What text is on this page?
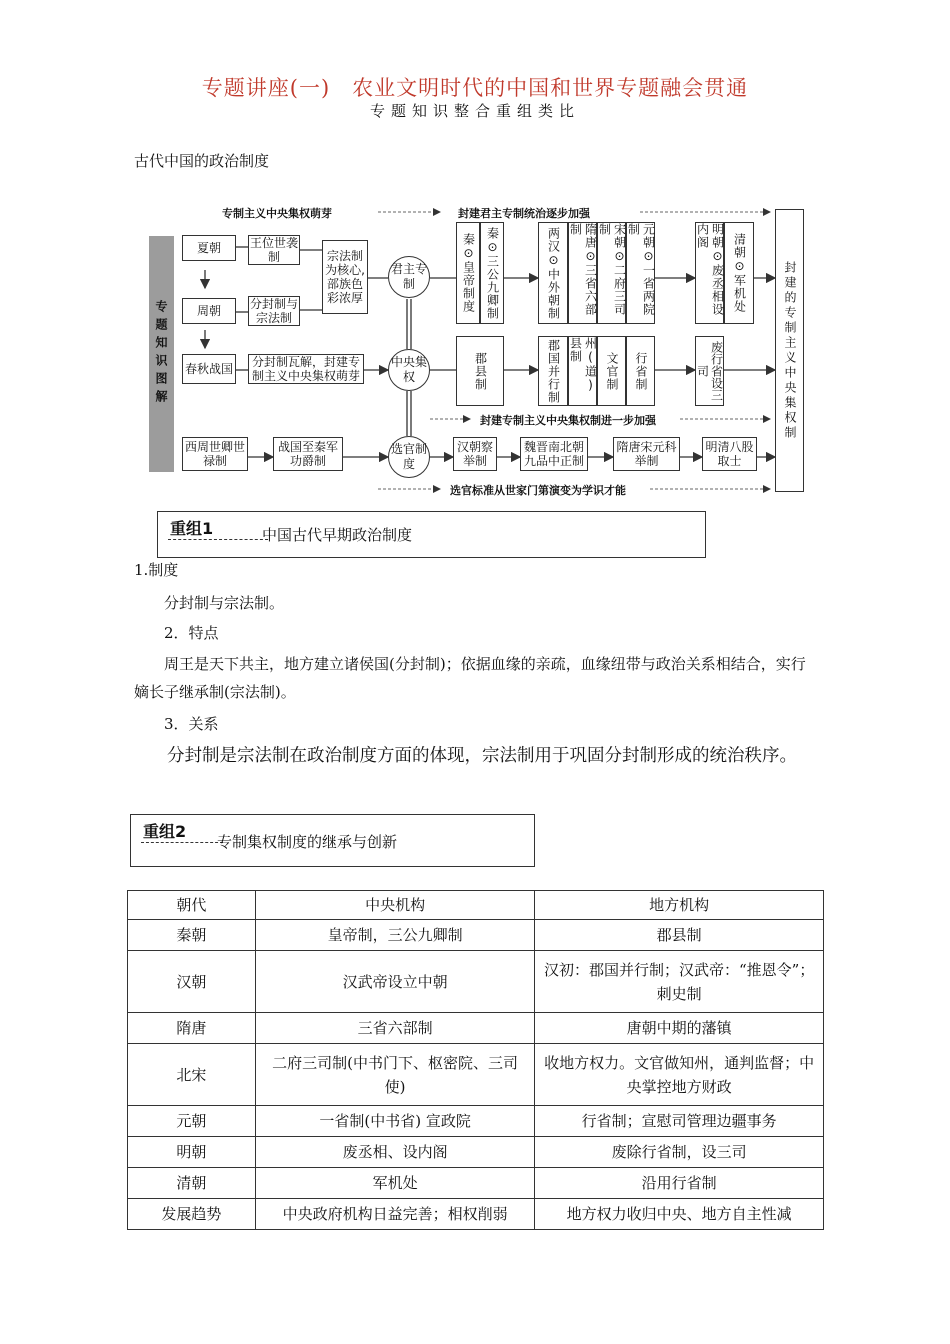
专题讲座(一)　农业文明时代的中国和世界专题融会贯通
专题知识整合重组类比
古代中国的政治制度
专题知识图解
专制主义中央集权萌芽	封建君主专制统治逐步加强
封建专制主义中央集权制进一步加强
选官标准从世家门第演变为学识才能
夏朝	王位世袭制	宗法制为核心,部族色彩浓厚
周朝	分封制与宗法制
春秋战国	分封制瓦解，封建专制主义中央集权萌芽
西周世卿世禄制
战国至秦军功爵制
君主专制
中央集权
选官制度
秦⊙皇帝制度 秦⊙三公九卿制	两汉⊙中外朝制	隋唐⊙三省六部制	宋朝⊙二府三司制	元朝⊙一省两院制	明朝⊙废丞相设内阁	清朝⊙军机处
郡县制	郡国并行制	州(道)县制
文官制	行省制	废行省设三司
汉朝察举制
魏晋南北朝九品中正制
隋唐宋元科举制
明清八股取士
封建的专制主义中央集权制
重组1	中国古代早期政治制度
1.制度
分封制与宗法制。
2．特点
周王是天下共主，地方建立诸侯国(分封制)；依据血缘的亲疏，血缘纽带与政治关系相结合，实行嫡长子继承制(宗法制)。
3．关系
分封制是宗法制在政治制度方面的体现，宗法制用于巩固分封制形成的统治秩序。
重组2
专制集权制度的继承与创新
朝代	中央机构	地方机构
秦朝	皇帝制，三公九卿制	郡县制
汉朝	汉武帝设立中朝	汉初：郡国并行制；汉武帝：“推恩令”；刺史制
隋唐	三省六部制	唐朝中期的藩镇
北宋	二府三司制(中书门下、枢密院、三司使)	收地方权力。文官做知州，通判监督；中央掌控地方财政
元朝	一省制(中书省) 宣政院	行省制；宣慰司管理边疆事务
明朝	废丞相、设内阁	废除行省制，设三司
清朝	军机处	沿用行省制
发展趋势	中央政府机构日益完善；相权削弱	地方权力收归中央、地方自主性减
